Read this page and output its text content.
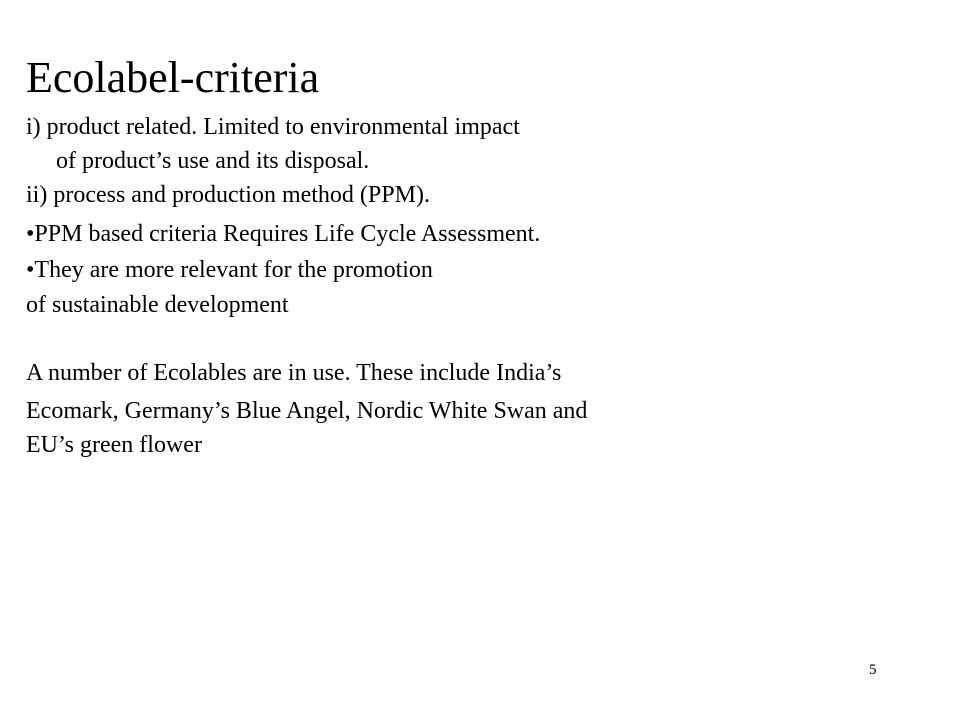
Ecolabel-criteria
i) product related. Limited to environmental impact
of product’s use and its disposal.
ii) process and production method (PPM).
•PPM based criteria Requires Life Cycle Assessment.
•They are more relevant for the promotion
of sustainable development
A number of Ecolables are in use. These include India’s
Ecomark, Germany’s Blue Angel, Nordic White Swan and
EU’s green flower
5
